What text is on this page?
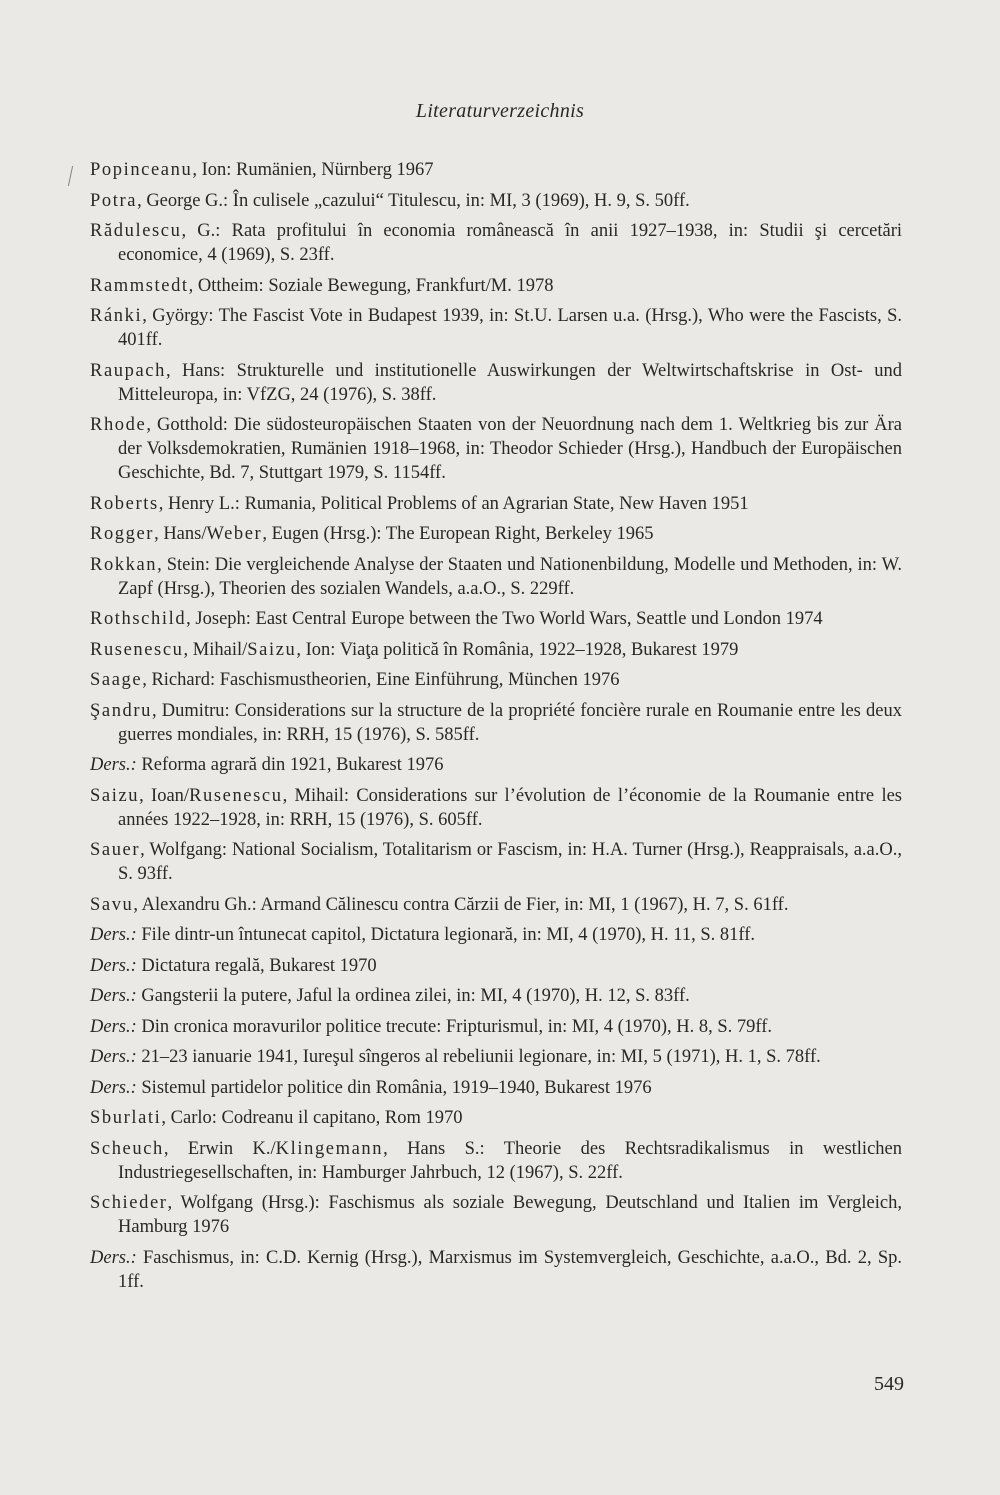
Literaturverzeichnis
Popinceanu, Ion: Rumänien, Nürnberg 1967
Potra, George G.: În culisele „cazului“ Titulescu, in: MI, 3 (1969), H. 9, S. 50ff.
Rădulescu, G.: Rata profitului în economia românească în anii 1927–1938, in: Studii şi cercetări economice, 4 (1969), S. 23ff.
Rammstedt, Ottheim: Soziale Bewegung, Frankfurt/M. 1978
Ránki, György: The Fascist Vote in Budapest 1939, in: St.U. Larsen u.a. (Hrsg.), Who were the Fascists, S. 401ff.
Raupach, Hans: Strukturelle und institutionelle Auswirkungen der Weltwirtschaftskrise in Ost- und Mitteleuropa, in: VfZG, 24 (1976), S. 38ff.
Rhode, Gotthold: Die südosteuropäischen Staaten von der Neuordnung nach dem 1. Weltkrieg bis zur Ära der Volksdemokratien, Rumänien 1918–1968, in: Theodor Schieder (Hrsg.), Handbuch der Europäischen Geschichte, Bd. 7, Stuttgart 1979, S. 1154ff.
Roberts, Henry L.: Rumania, Political Problems of an Agrarian State, New Haven 1951
Rogger, Hans/Weber, Eugen (Hrsg.): The European Right, Berkeley 1965
Rokkan, Stein: Die vergleichende Analyse der Staaten und Nationenbildung, Modelle und Methoden, in: W. Zapf (Hrsg.), Theorien des sozialen Wandels, a.a.O., S. 229ff.
Rothschild, Joseph: East Central Europe between the Two World Wars, Seattle und London 1974
Rusenescu, Mihail/Saizu, Ion: Viaţa politică în România, 1922–1928, Bukarest 1979
Saage, Richard: Faschismustheorien, Eine Einführung, München 1976
Şandru, Dumitru: Considerations sur la structure de la propriété foncière rurale en Roumanie entre les deux guerres mondiales, in: RRH, 15 (1976), S. 585ff.
Ders.: Reforma agrară din 1921, Bukarest 1976
Saizu, Ioan/Rusenescu, Mihail: Considerations sur l’évolution de l’économie de la Roumanie entre les années 1922–1928, in: RRH, 15 (1976), S. 605ff.
Sauer, Wolfgang: National Socialism, Totalitarism or Fascism, in: H.A. Turner (Hrsg.), Reappraisals, a.a.O., S. 93ff.
Savu, Alexandru Gh.: Armand Călinescu contra Cărzii de Fier, in: MI, 1 (1967), H. 7, S. 61ff.
Ders.: File dintr-un întunecat capitol, Dictatura legionară, in: MI, 4 (1970), H. 11, S. 81ff.
Ders.: Dictatura regală, Bukarest 1970
Ders.: Gangsterii la putere, Jaful la ordinea zilei, in: MI, 4 (1970), H. 12, S. 83ff.
Ders.: Din cronica moravurilor politice trecute: Fripturismul, in: MI, 4 (1970), H. 8, S. 79ff.
Ders.: 21–23 ianuarie 1941, Iureşul sîngeros al rebeliunii legionare, in: MI, 5 (1971), H. 1, S. 78ff.
Ders.: Sistemul partidelor politice din România, 1919–1940, Bukarest 1976
Sburlati, Carlo: Codreanu il capitano, Rom 1970
Scheuch, Erwin K./Klingemann, Hans S.: Theorie des Rechtsradikalismus in westlichen Industriegesellschaften, in: Hamburger Jahrbuch, 12 (1967), S. 22ff.
Schieder, Wolfgang (Hrsg.): Faschismus als soziale Bewegung, Deutschland und Italien im Vergleich, Hamburg 1976
Ders.: Faschismus, in: C.D. Kernig (Hrsg.), Marxismus im Systemvergleich, Geschichte, a.a.O., Bd. 2, Sp. 1ff.
549
